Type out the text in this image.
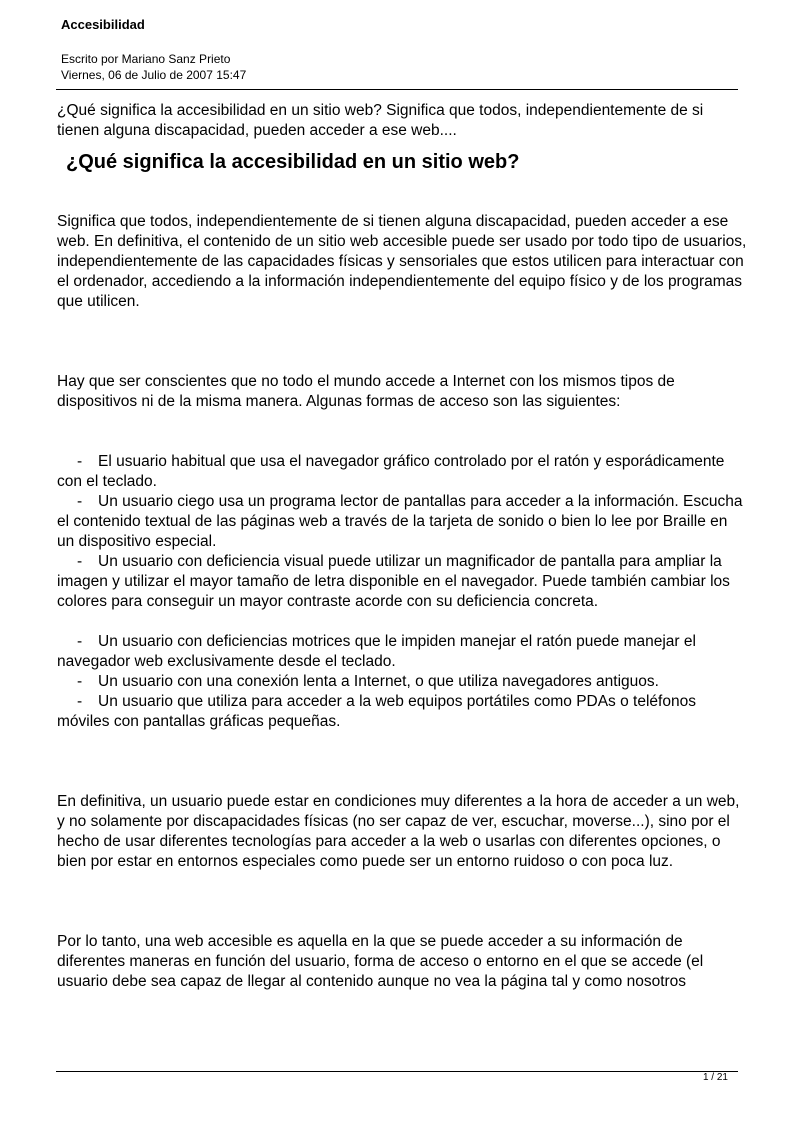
Accesibilidad
Escrito por Mariano Sanz Prieto
Viernes, 06 de Julio de 2007 15:47

¿Qué significa la accesibilidad en un sitio web? Significa que todos, independientemente de si tienen alguna discapacidad, pueden acceder a ese web....

¿Qué significa la accesibilidad en un sitio web?

Significa que todos, independientemente de si tienen alguna discapacidad, pueden acceder a ese web. En definitiva, el contenido de un sitio web accesible puede ser usado por todo tipo de usuarios, independientemente de las capacidades físicas y sensoriales que estos utilicen para interactuar con el ordenador, accediendo a la información independientemente del equipo físico y de los programas que utilicen.

Hay que ser conscientes que no todo el mundo accede a Internet con los mismos tipos de dispositivos ni de la misma manera. Algunas formas de acceso son las siguientes:

- El usuario habitual que usa el navegador gráfico controlado por el ratón y esporádicamente con el teclado.

- Un usuario ciego usa un programa lector de pantallas para acceder a la información. Escucha el contenido textual de las páginas web a través de la tarjeta de sonido o bien lo lee por Braille en un dispositivo especial.

- Un usuario con deficiencia visual puede utilizar un magnificador de pantalla para ampliar la imagen y utilizar el mayor tamaño de letra disponible en el navegador. Puede también cambiar los colores para conseguir un mayor contraste acorde con su deficiencia concreta.

- Un usuario con deficiencias motrices que le impiden manejar el ratón puede manejar el navegador web exclusivamente desde el teclado.

- Un usuario con una conexión lenta a Internet, o que utiliza navegadores antiguos.

- Un usuario que utiliza para acceder a la web equipos portátiles como PDAs o teléfonos móviles con pantallas gráficas pequeñas.

En definitiva, un usuario puede estar en condiciones muy diferentes a la hora de acceder a un web, y no solamente por discapacidades físicas (no ser capaz de ver, escuchar, moverse...), sino por el hecho de usar diferentes tecnologías para acceder a la web o usarlas con diferentes opciones, o bien por estar en entornos especiales como puede ser un entorno ruidoso o con poca luz.

Por lo tanto, una web accesible es aquella en la que se puede acceder a su información de diferentes maneras en función del usuario, forma de acceso o entorno en el que se accede (el usuario debe sea capaz de llegar al contenido aunque no vea la página tal y como nosotros

1 / 21
